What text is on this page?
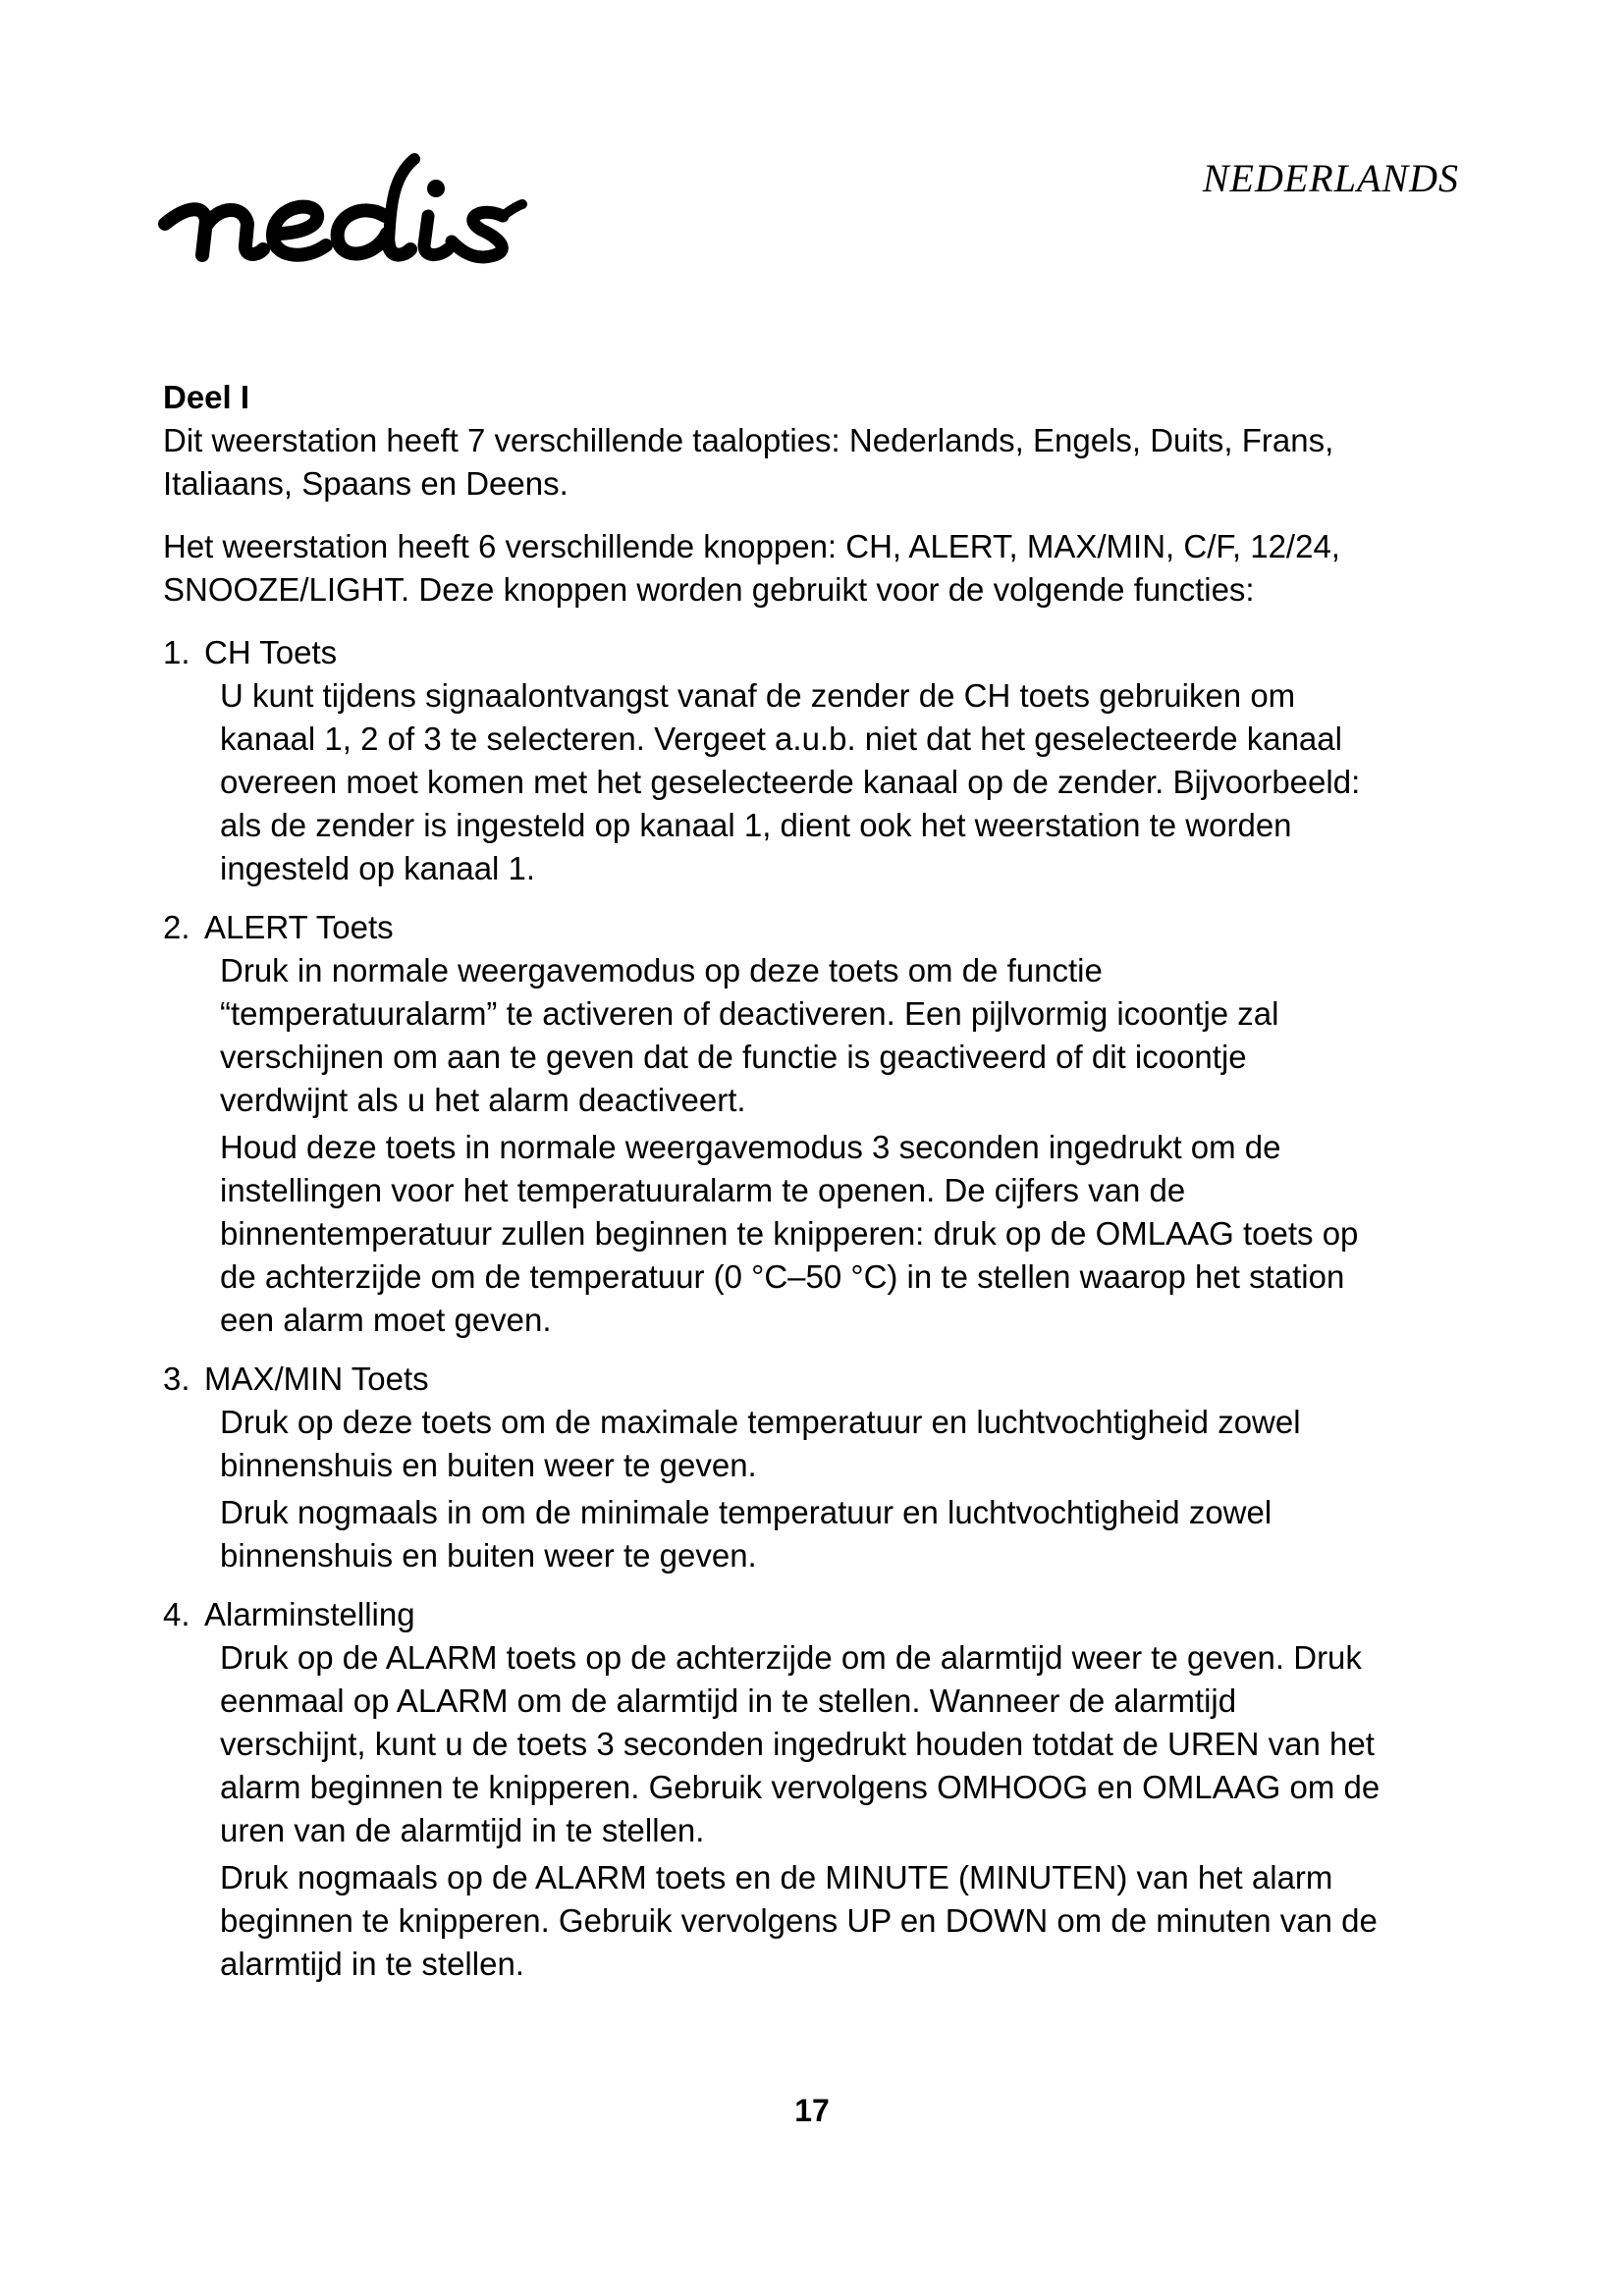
NEDERLANDS
Deel I

Dit weerstation heeft 7 verschillende taalopties: Nederlands, Engels, Duits, Frans, Italiaans, Spaans en Deens.

Het weerstation heeft 6 verschillende knoppen: CH, ALERT, MAX/MIN, C/F, 12/24, SNOOZE/LIGHT. Deze knoppen worden gebruikt voor de volgende functies:

1. CH Toets

U kunt tijdens signaalontvangst vanaf de zender de CH toets gebruiken om kanaal 1, 2 of 3 te selecteren. Vergeet a.u.b. niet dat het geselecteerde kanaal overeen moet komen met het geselecteerde kanaal op de zender. Bijvoorbeeld: als de zender is ingesteld op kanaal 1, dient ook het weerstation te worden ingesteld op kanaal 1.

2. ALERT Toets

Druk in normale weergavemodus op deze toets om de functie “temperatuuralarm” te activeren of deactiveren. Een pijlvormig icoontje zal verschijnen om aan te geven dat de functie is geactiveerd of dit icoontje verdwijnt als u het alarm deactiveert.

Houd deze toets in normale weergavemodus 3 seconden ingedrukt om de instellingen voor het temperatuuralarm te openen. De cijfers van de binnentemperatuur zullen beginnen te knipperen: druk op de OMLAAG toets op de achterzijde om de temperatuur (0 °C–50 °C) in te stellen waarop het station een alarm moet geven.

3. MAX/MIN Toets

Druk op deze toets om de maximale temperatuur en luchtvochtigheid zowel binnenshuis en buiten weer te geven.

Druk nogmaals in om de minimale temperatuur en luchtvochtigheid zowel binnenshuis en buiten weer te geven.

4. Alarminstelling

Druk op de ALARM toets op de achterzijde om de alarmtijd weer te geven. Druk eenmaal op ALARM om de alarmtijd in te stellen. Wanneer de alarmtijd verschijnt, kunt u de toets 3 seconden ingedrukt houden totdat de UREN van het alarm beginnen te knipperen. Gebruik vervolgens OMHOOG en OMLAAG om de uren van de alarmtijd in te stellen.

Druk nogmaals op de ALARM toets en de MINUTE (MINUTEN) van het alarm beginnen te knipperen. Gebruik vervolgens UP en DOWN om de minuten van de alarmtijd in te stellen.

17
